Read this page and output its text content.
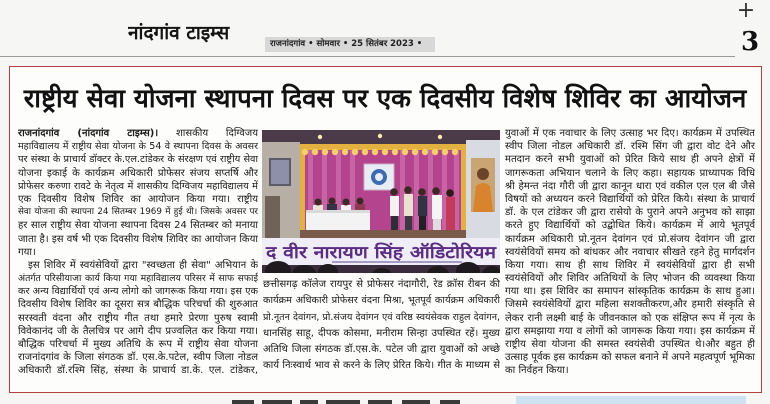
नांदगांव टाइम्स	राजनांदगांव • सोमवार • 25 सितंबर 2023 •
+
3
राष्ट्रीय सेवा योजना स्थापना दिवस पर एक दिवसीय विशेष शिविर का आयोजन
राजनांदगांव (नांदगांव टाइम्स)। शासकीय दिग्विजय
महाविद्यालय में राष्ट्रीय सेवा योजना के 54 वे स्थापना दिवस के अवसर
पर संस्था के प्राचार्य डॉक्टर के.एल.टांडेकर के संरक्षण एवं राष्ट्रीय सेवा
योजना इकाई के कार्यक्रम अधिकारी प्रोफेसर संजय सप्तर्षि और
प्रोफेसर करुणा रावटे के नेतृत्व में शासकीय दिग्विजय महाविद्यालय में
एक दिवसीय विशेष शिविर का आयोजन किया गया। राष्ट्रीय
सेवा योजना की स्थापना 24 सितम्बर 1969 में हुई थी। जिसके अवसर पर
हर साल राष्ट्रीय सेवा योजना स्थापना दिवस 24 सितम्बर को मनाया
जाता है। इस वर्ष भी एक दिवसीय विशेष शिविर का आयोजन किया
गया।
इस शिविर में स्वयंसेवियों द्वारा "स्वच्छता ही सेवा" अभियान के
अंतर्गत परिसीयाजा कार्य किया गया महाविद्यालय परिसर में साफ सफाई
कर अन्य विद्यार्थियों एवं अन्य लोगो को जागरूक किया गया। इस एक
दिवसीय विशेष शिविर का दूसरा सत्र बौद्धिक परिचर्चा की शुरुआत
सरस्वती वंदना और राष्ट्रीय गीत तथा हमारे प्रेरणा पुरुष स्वामी
विवेकानंद जी के तैलचित्र पर आगे दीप प्रज्वलित कर किया गया।
बौद्धिक परिचर्चा में मुख्य अतिथि के रूप में राष्ट्रीय सेवा योजना
राजनांदगांव के जिला संगठक डॉ. एस.के.पटेल, स्वीप जिला नोडल
अधिकारी डॉ.रश्मि सिंह, संस्था के प्राचार्य डा.के. एल. टांडेकर,
द वीर नारायण सिंह ऑडिटोरियम
छत्तीसगढ़ कॉलेज रायपुर से प्रोफेसर नंदागौरी, रेड क्रॉस रीबन की
कार्यक्रम अधिकारी प्रोफेसर वंदना मिश्रा, भूतपूर्व कार्यक्रम अधिकारी
प्रो.नूतन देवांगन, प्रो.संजय देवांगन एवं वरिष्ठ स्वयंसेवक राहुल देवांगन,
धानसिंह साहू, दीपक कोसमा, मनीराम सिन्हा उपस्थित रहें। मुख्य
अतिथि जिला संगठक डॉ.एस.के. पटेल जी द्वारा युवाओं को अच्छे
कार्य निःस्वार्थ भाव से करने के लिए प्रेरित किये। गीत के माध्यम से
युवाओं में एक नवाचार के लिए उत्साह भर दिए। कार्यक्रम में उपस्थित
स्वीप जिला नोडल अधिकारी डॉ. रश्मि सिंग जी द्वारा वोट देने और
मतदान करने सभी युवाओं को प्रेरित किये साथ ही अपने क्षेत्रों में
जागरूकता अभियान चलाने के लिए कहा। सहायक प्राध्यापक विधि
श्री हेमन्त नंदा गौरी जी द्वारा कानून धारा एवं वकील एल एल बी जैसे
विषयों को अध्ययन करने विद्यार्थियों को प्रेरित किये। संस्था के प्राचार्य
डॉ. के एल टांडेकर जी द्वारा रासेयो के पुराने अपने अनुभव को साझा
करते हुए विद्यार्थियों को उद्बोधित किये। कार्यक्रम में आये भूतपूर्व
कार्यक्रम अधिकारी प्रो.नूतन देवांगन एवं प्रो.संजय देवांगन जी द्वारा
स्वयंसेवियों समय को बांधकर और नवाचार सीखते रहने हेतु मार्गदर्शन
किया गया। साथ ही साथ शिविर में स्वयंसेवियों द्वारा ही सभी
स्वयंसेवियों और शिविर अतिथियों के लिए भोजन की व्यवस्था किया
गया था। इस शिविर का समापन सांस्कृतिक कार्यक्रम के साथ हुआ।
जिसमे स्वयंसेवियों द्वारा महिला सशक्तीकरण,और हमारी संस्कृति से
लेकर रानी लक्ष्मी बाई के जीवनकाल को एक संक्षिप्त रूप में नृत्य के
द्वारा समझाया गया व लोगों को जागरूक किया गया। इस कार्यक्रम में
राष्ट्रीय सेवा योजना की समस्त स्वयंसेवी उपस्थित थे।और बहुत ही
उत्साह पूर्वक इस कार्यक्रम को सफल बनाने में अपने महत्वपूर्ण भूमिका
का निर्वहन किया।
